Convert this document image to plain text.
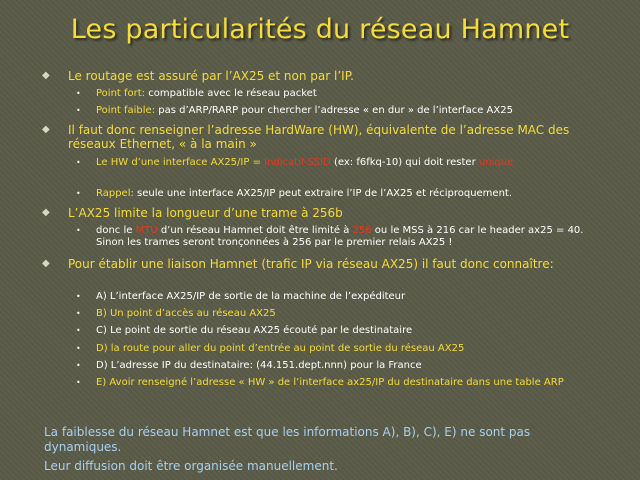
Les particularités du réseau Hamnet
◆ Le routage est assuré par l’AX25 et non par l’IP.
• Point fort: compatible avec le réseau packet
• Point faible: pas d’ARP/RARP pour chercher l’adresse « en dur » de l’interface AX25
◆ Il faut donc renseigner l’adresse HardWare (HW), équivalente de l’adresse MAC des réseaux Ethernet, « à la main »
• Le HW d’une interface AX25/IP = Indicatif-SSID (ex: f6fkq-10) qui doit rester unique
• Rappel: seule une interface AX25/IP peut extraire l’IP de l’AX25 et réciproquement.
◆ L’AX25 limite la longueur d’une trame à 256b
• donc le MTU d’un réseau Hamnet doit être limité à 256 ou le MSS à 216 car le header ax25 = 40. Sinon les trames seront tronçonnées à 256 par le premier relais AX25 !
◆ Pour établir une liaison Hamnet (trafic IP via réseau AX25) il faut donc connaître:
• A) L’interface AX25/IP de sortie de la machine de l’expéditeur
• B) Un point d’accès au réseau AX25
• C) Le point de sortie du réseau AX25 écouté par le destinataire
• D) la route pour aller du point d’entrée au point de sortie du réseau AX25
• D) L’adresse IP du destinataire: (44.151.dept.nnn) pour la France
• E) Avoir renseigné l’adresse « HW » de l’interface ax25/IP du destinataire dans une table ARP
La faiblesse du réseau Hamnet est que les informations A), B), C), E) ne sont pas dynamiques.
Leur diffusion doit être organisée manuellement.
